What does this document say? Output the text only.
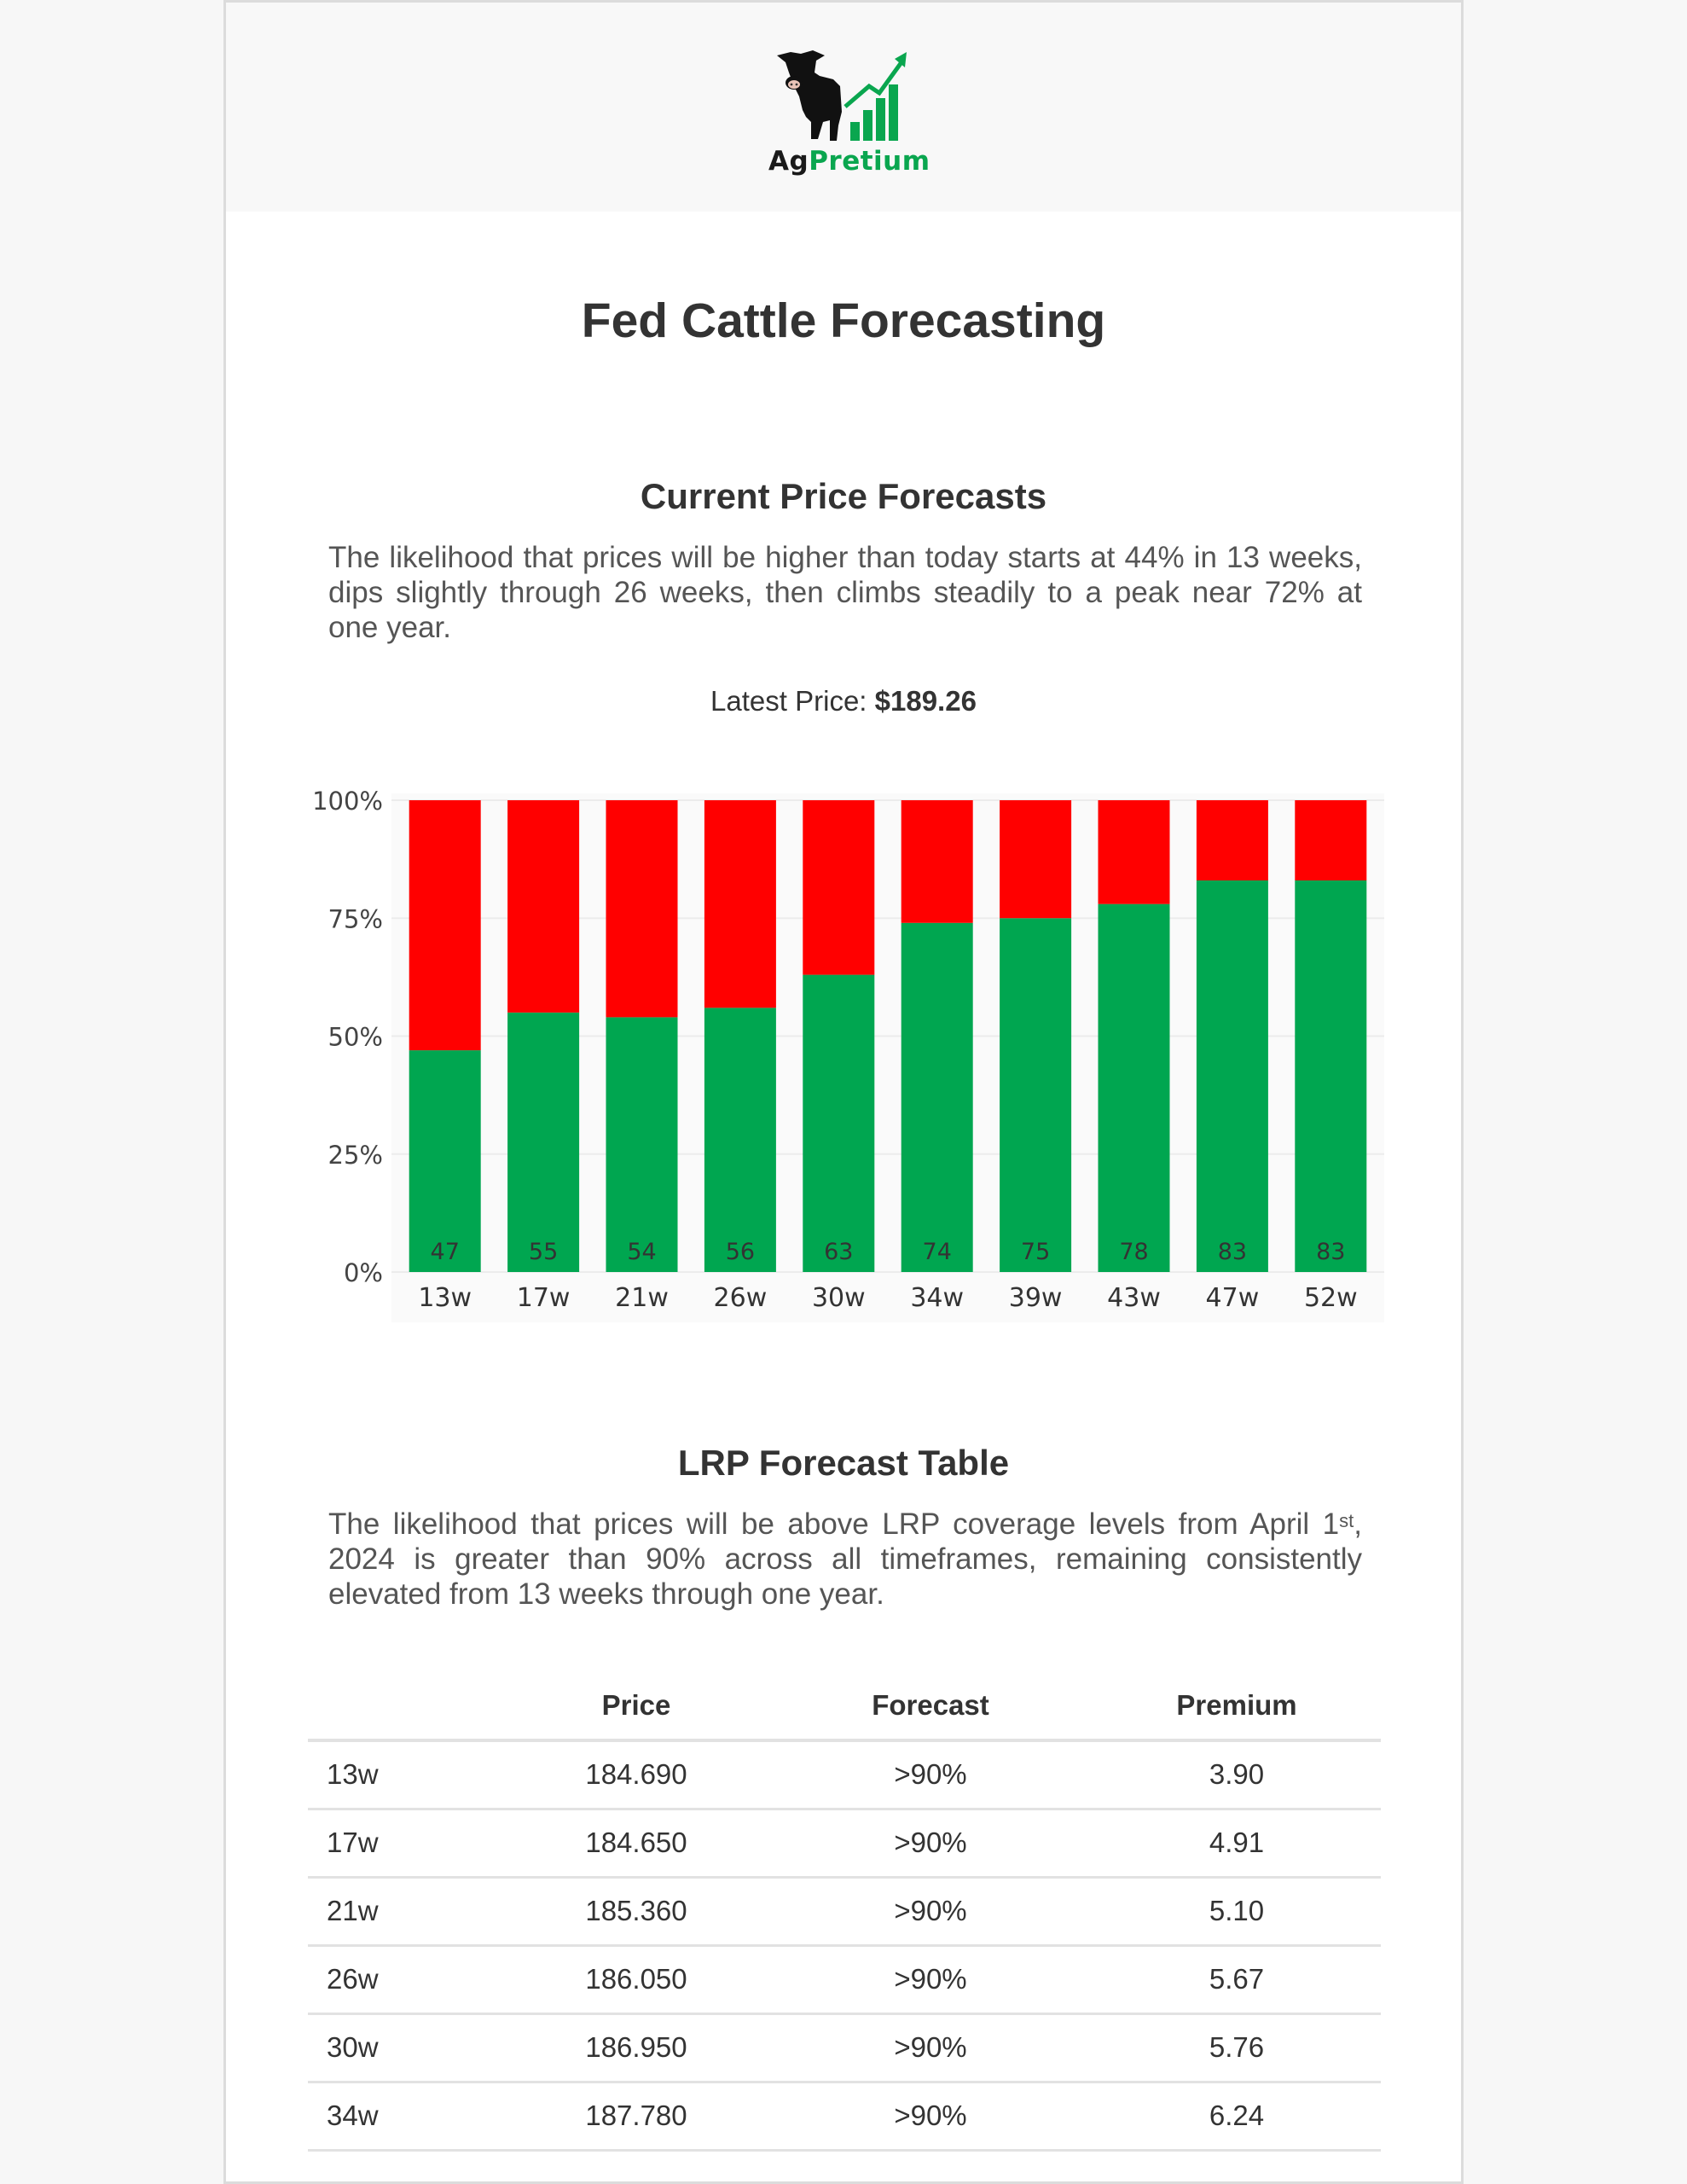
AgPretium
Fed Cattle Forecasting
Current Price Forecasts
The likelihood that prices will be higher than today starts at 44% in 13 weeks, dips slightly through 26 weeks, then climbs steadily to a peak near 72% at one year.
Latest Price: $189.26
0%
25%
50%
75%
100%
47
13w
55
17w
54
21w
56
26w
63
30w
74
34w
75
39w
78
43w
83
47w
83
52w
LRP Forecast Table
The likelihood that prices will be above LRP coverage levels from April 1st, 2024 is greater than 90% across all timeframes, remaining consistently elevated from 13 weeks through one year.
	Price	Forecast	Premium
13w	184.690	>90%	3.90
17w	184.650	>90%	4.91
21w	185.360	>90%	5.10
26w	186.050	>90%	5.67
30w	186.950	>90%	5.76
34w	187.780	>90%	6.24
